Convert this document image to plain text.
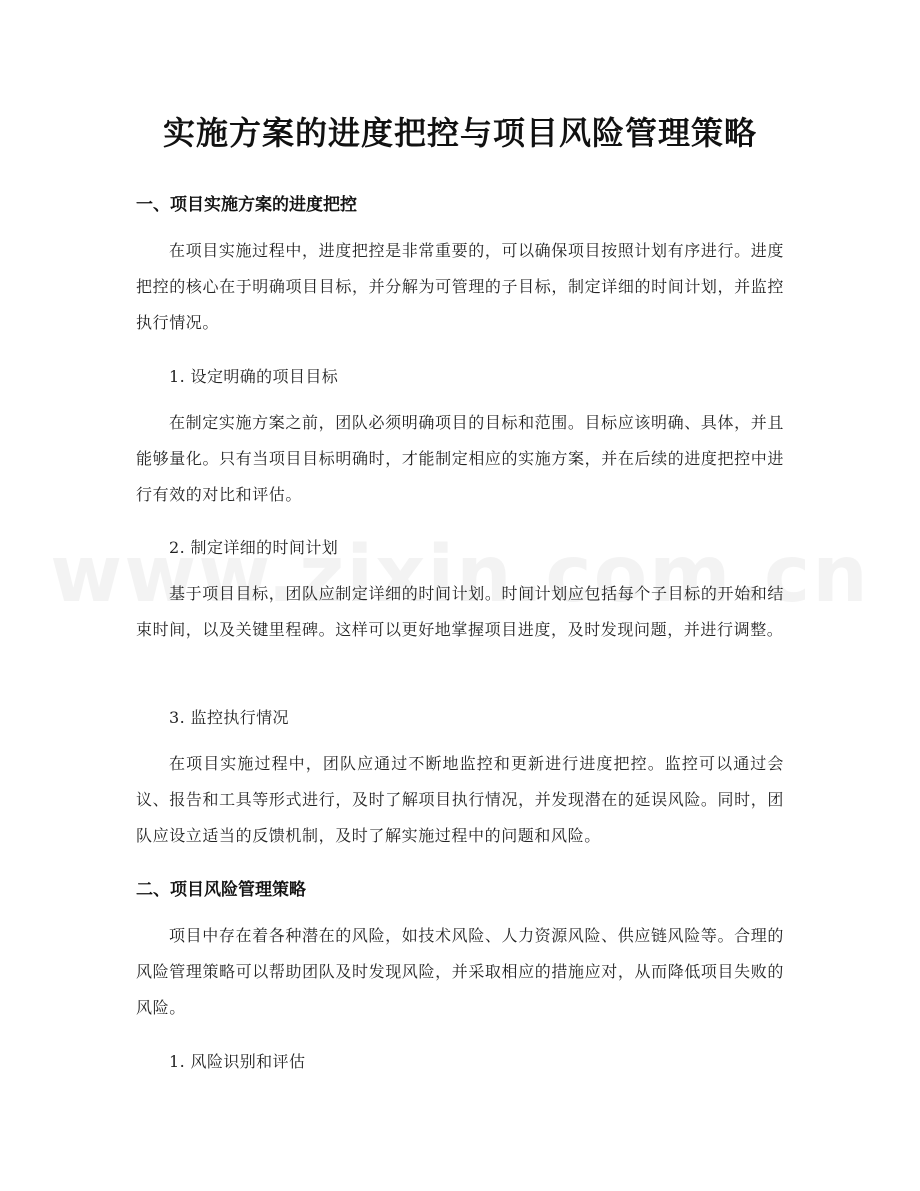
实施方案的进度把控与项目风险管理策略
一、项目实施方案的进度把控
在项目实施过程中，进度把控是非常重要的，可以确保项目按照计划有序进行。进度把控的核心在于明确项目目标，并分解为可管理的子目标，制定详细的时间计划，并监控执行情况。
1. 设定明确的项目目标
在制定实施方案之前，团队必须明确项目的目标和范围。目标应该明确、具体，并且能够量化。只有当项目目标明确时，才能制定相应的实施方案，并在后续的进度把控中进行有效的对比和评估。
2. 制定详细的时间计划
基于项目目标，团队应制定详细的时间计划。时间计划应包括每个子目标的开始和结束时间，以及关键里程碑。这样可以更好地掌握项目进度，及时发现问题，并进行调整。
3. 监控执行情况
在项目实施过程中，团队应通过不断地监控和更新进行进度把控。监控可以通过会议、报告和工具等形式进行，及时了解项目执行情况，并发现潜在的延误风险。同时，团队应设立适当的反馈机制，及时了解实施过程中的问题和风险。
二、项目风险管理策略
项目中存在着各种潜在的风险，如技术风险、人力资源风险、供应链风险等。合理的风险管理策略可以帮助团队及时发现风险，并采取相应的措施应对，从而降低项目失败的风险。
1. 风险识别和评估
